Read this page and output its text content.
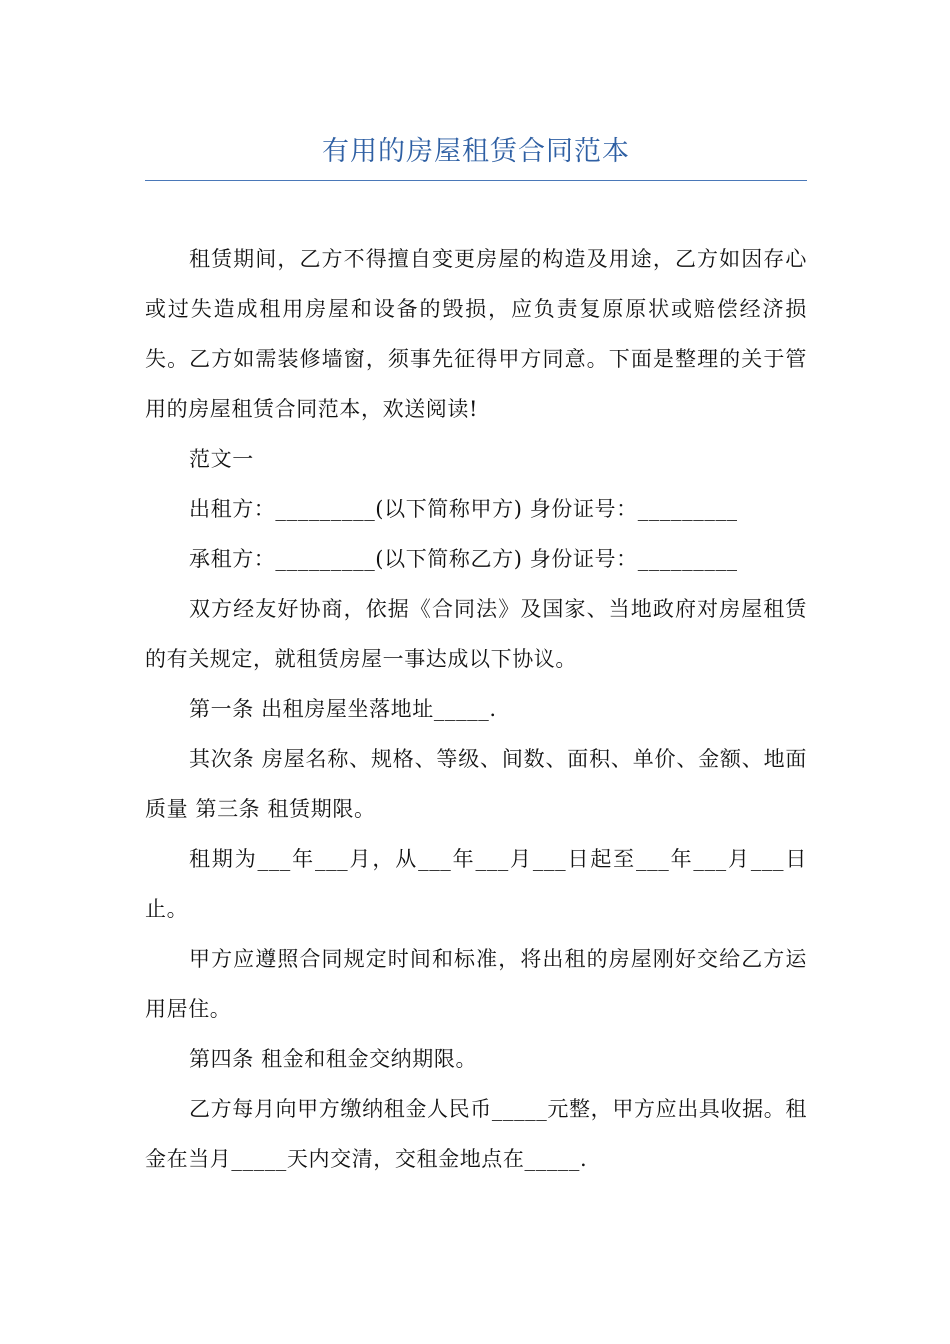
有用的房屋租赁合同范本

租赁期间，乙方不得擅自变更房屋的构造及用途，乙方如因存心或过失造成租用房屋和设备的毁损，应负责复原原状或赔偿经济损失。乙方如需装修墙窗，须事先征得甲方同意。下面是整理的关于管用的房屋租赁合同范本，欢送阅读!

范文一

出租方：_________(以下简称甲方) 身份证号：_________

承租方：_________(以下简称乙方) 身份证号：_________

双方经友好协商，依据《合同法》及国家、当地政府对房屋租赁的有关规定，就租赁房屋一事达成以下协议。

第一条 出租房屋坐落地址_____.

其次条 房屋名称、规格、等级、间数、面积、单价、金额、地面质量 第三条 租赁期限。

租期为___年___月，从___年___月___日起至___年___月___日止。

甲方应遵照合同规定时间和标准，将出租的房屋刚好交给乙方运用居住。

第四条 租金和租金交纳期限。

乙方每月向甲方缴纳租金人民币_____元整，甲方应出具收据。租金在当月_____天内交清，交租金地点在_____.
